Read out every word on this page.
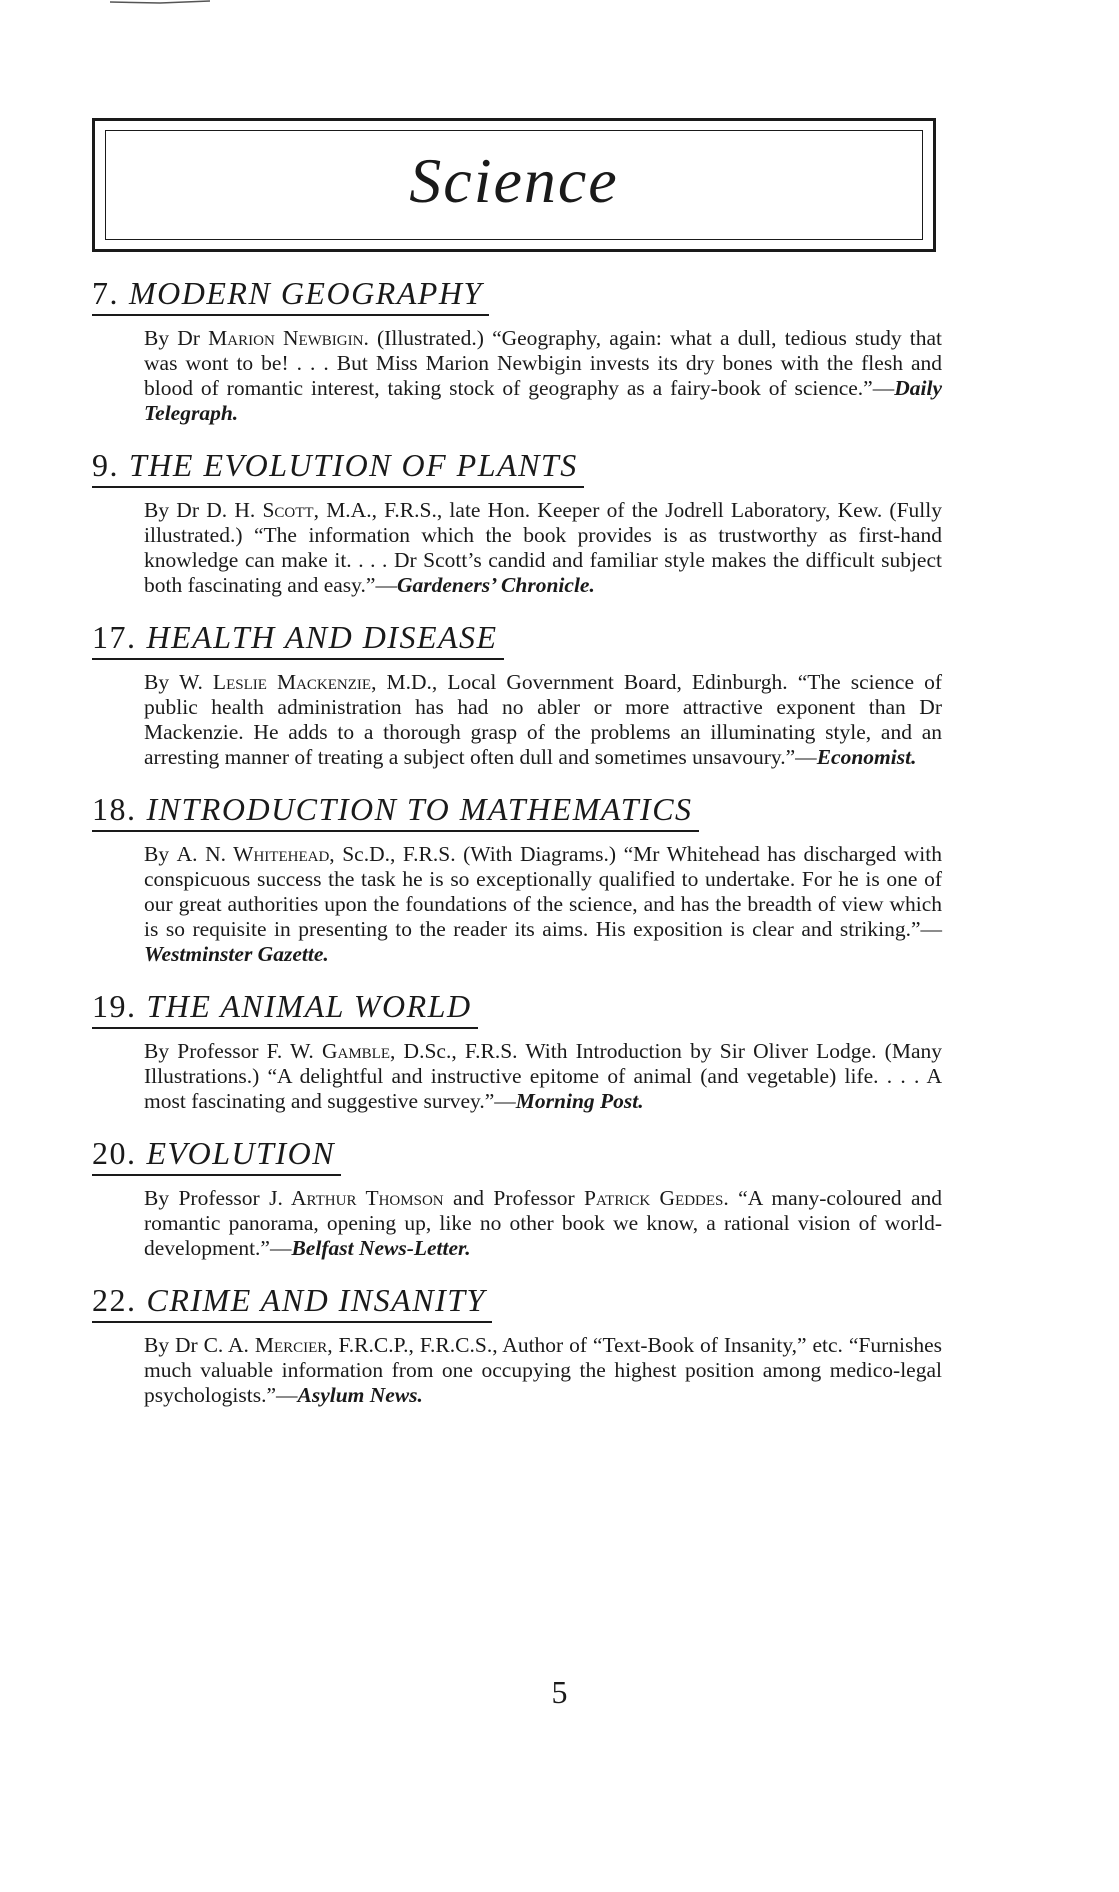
Science
7. MODERN GEOGRAPHY
By Dr Marion Newbigin. (Illustrated.) “Geography, again: what a dull, tedious study that was wont to be! . . . But Miss Marion Newbigin invests its dry bones with the flesh and blood of romantic interest, taking stock of geography as a fairy-book of science.”—Daily Telegraph.
9. THE EVOLUTION OF PLANTS
By Dr D. H. Scott, M.A., F.R.S., late Hon. Keeper of the Jodrell Laboratory, Kew. (Fully illustrated.) “The information which the book provides is as trustworthy as first-hand knowledge can make it. . . . Dr Scott’s candid and familiar style makes the difficult subject both fascinating and easy.”—Gardeners’ Chronicle.
17. HEALTH AND DISEASE
By W. Leslie Mackenzie, M.D., Local Government Board, Edinburgh. “The science of public health administration has had no abler or more attractive exponent than Dr Mackenzie. He adds to a thorough grasp of the problems an illuminating style, and an arresting manner of treating a subject often dull and sometimes unsavoury.”—Economist.
18. INTRODUCTION TO MATHEMATICS
By A. N. Whitehead, Sc.D., F.R.S. (With Diagrams.) “Mr Whitehead has discharged with conspicuous success the task he is so exceptionally qualified to undertake. For he is one of our great authorities upon the foundations of the science, and has the breadth of view which is so requisite in presenting to the reader its aims. His exposition is clear and striking.”—Westminster Gazette.
19. THE ANIMAL WORLD
By Professor F. W. Gamble, D.Sc., F.R.S. With Introduction by Sir Oliver Lodge. (Many Illustrations.) “A delightful and instructive epitome of animal (and vegetable) life. . . . A most fascinating and suggestive survey.”—Morning Post.
20. EVOLUTION
By Professor J. Arthur Thomson and Professor Patrick Geddes. “A many-coloured and romantic panorama, opening up, like no other book we know, a rational vision of world-development.”—Belfast News-Letter.
22. CRIME AND INSANITY
By Dr C. A. Mercier, F.R.C.P., F.R.C.S., Author of “Text-Book of Insanity,” etc. “Furnishes much valuable information from one occupying the highest position among medico-legal psychologists.”—Asylum News.
5
